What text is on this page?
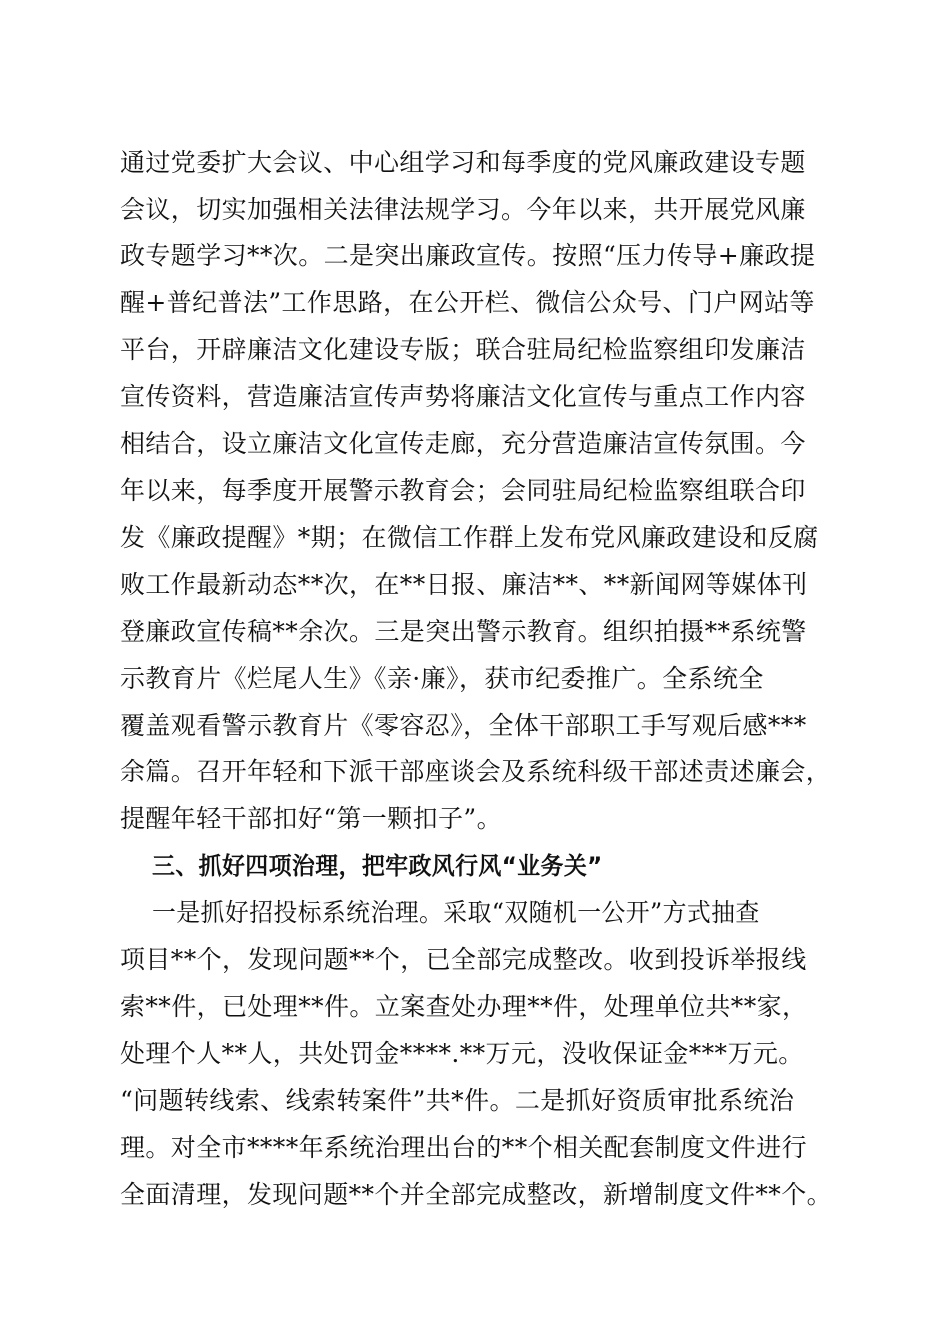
通过党委扩大会议、中心组学习和每季度的党风廉政建设专题
会议，切实加强相关法律法规学习。今年以来，共开展党风廉
政专题学习**次。二是突出廉政宣传。按照“压力传导+廉政提
醒+普纪普法”工作思路，在公开栏、微信公众号、门户网站等
平台，开辟廉洁文化建设专版；联合驻局纪检监察组印发廉洁
宣传资料，营造廉洁宣传声势将廉洁文化宣传与重点工作内容
相结合，设立廉洁文化宣传走廊，充分营造廉洁宣传氛围。今
年以来，每季度开展警示教育会；会同驻局纪检监察组联合印
发《廉政提醒》*期；在微信工作群上发布党风廉政建设和反腐
败工作最新动态**次，在**日报、廉洁**、**新闻网等媒体刊
登廉政宣传稿**余次。三是突出警示教育。组织拍摄**系统警
示教育片《烂尾人生》《亲·廉》，获市纪委推广。全系统全
覆盖观看警示教育片《零容忍》，全体干部职工手写观后感***
余篇。召开年轻和下派干部座谈会及系统科级干部述责述廉会，
提醒年轻干部扣好“第一颗扣子”。
三、抓好四项治理，把牢政风行风“业务关”
一是抓好招投标系统治理。采取“双随机一公开”方式抽查
项目**个，发现问题**个，已全部完成整改。收到投诉举报线
索**件，已处理**件。立案查处办理**件，处理单位共**家，
处理个人**人，共处罚金****.**万元，没收保证金***万元。
“问题转线索、线索转案件”共*件。二是抓好资质审批系统治
理。对全市****年系统治理出台的**个相关配套制度文件进行
全面清理，发现问题**个并全部完成整改，新增制度文件**个。
